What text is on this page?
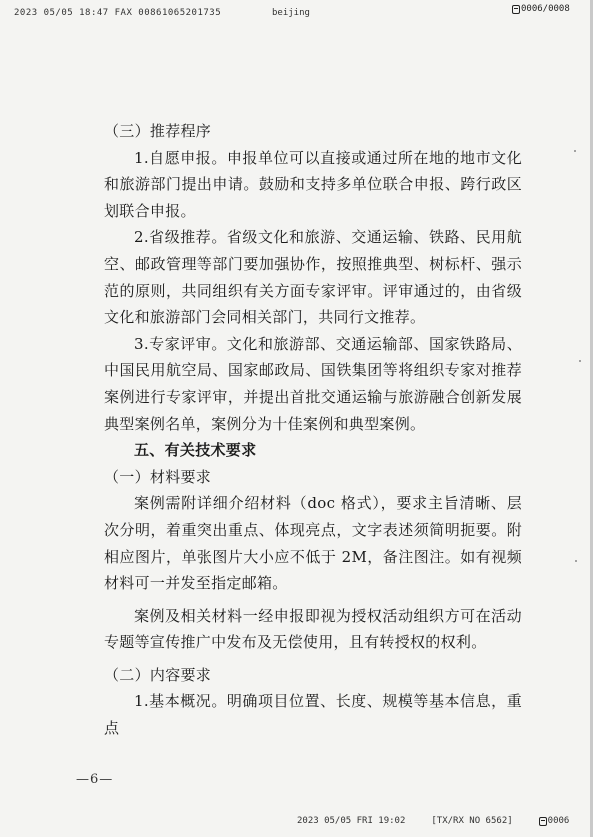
2023 05/05 18:47 FAX 00861065201735	beijing	0006/0008

（三）推荐程序

1.自愿申报。申报单位可以直接或通过所在地的地市文化和旅游部门提出申请。鼓励和支持多单位联合申报、跨行政区划联合申报。

2.省级推荐。省级文化和旅游、交通运输、铁路、民用航空、邮政管理等部门要加强协作，按照推典型、树标杆、强示范的原则，共同组织有关方面专家评审。评审通过的，由省级文化和旅游部门会同相关部门，共同行文推荐。

3.专家评审。文化和旅游部、交通运输部、国家铁路局、中国民用航空局、国家邮政局、国铁集团等将组织专家对推荐案例进行专家评审，并提出首批交通运输与旅游融合创新发展典型案例名单，案例分为十佳案例和典型案例。

五、有关技术要求

（一）材料要求

案例需附详细介绍材料（doc 格式），要求主旨清晰、层次分明，着重突出重点、体现亮点，文字表述须简明扼要。附相应图片，单张图片大小应不低于 2M，备注图注。如有视频材料可一并发至指定邮箱。

案例及相关材料一经申报即视为授权活动组织方可在活动专题等宣传推广中发布及无偿使用，且有转授权的权利。

（二）内容要求

1.基本概况。明确项目位置、长度、规模等基本信息，重点

—6—
2023 05/05 FRI 19:02	[TX/RX NO 6562]	0006
